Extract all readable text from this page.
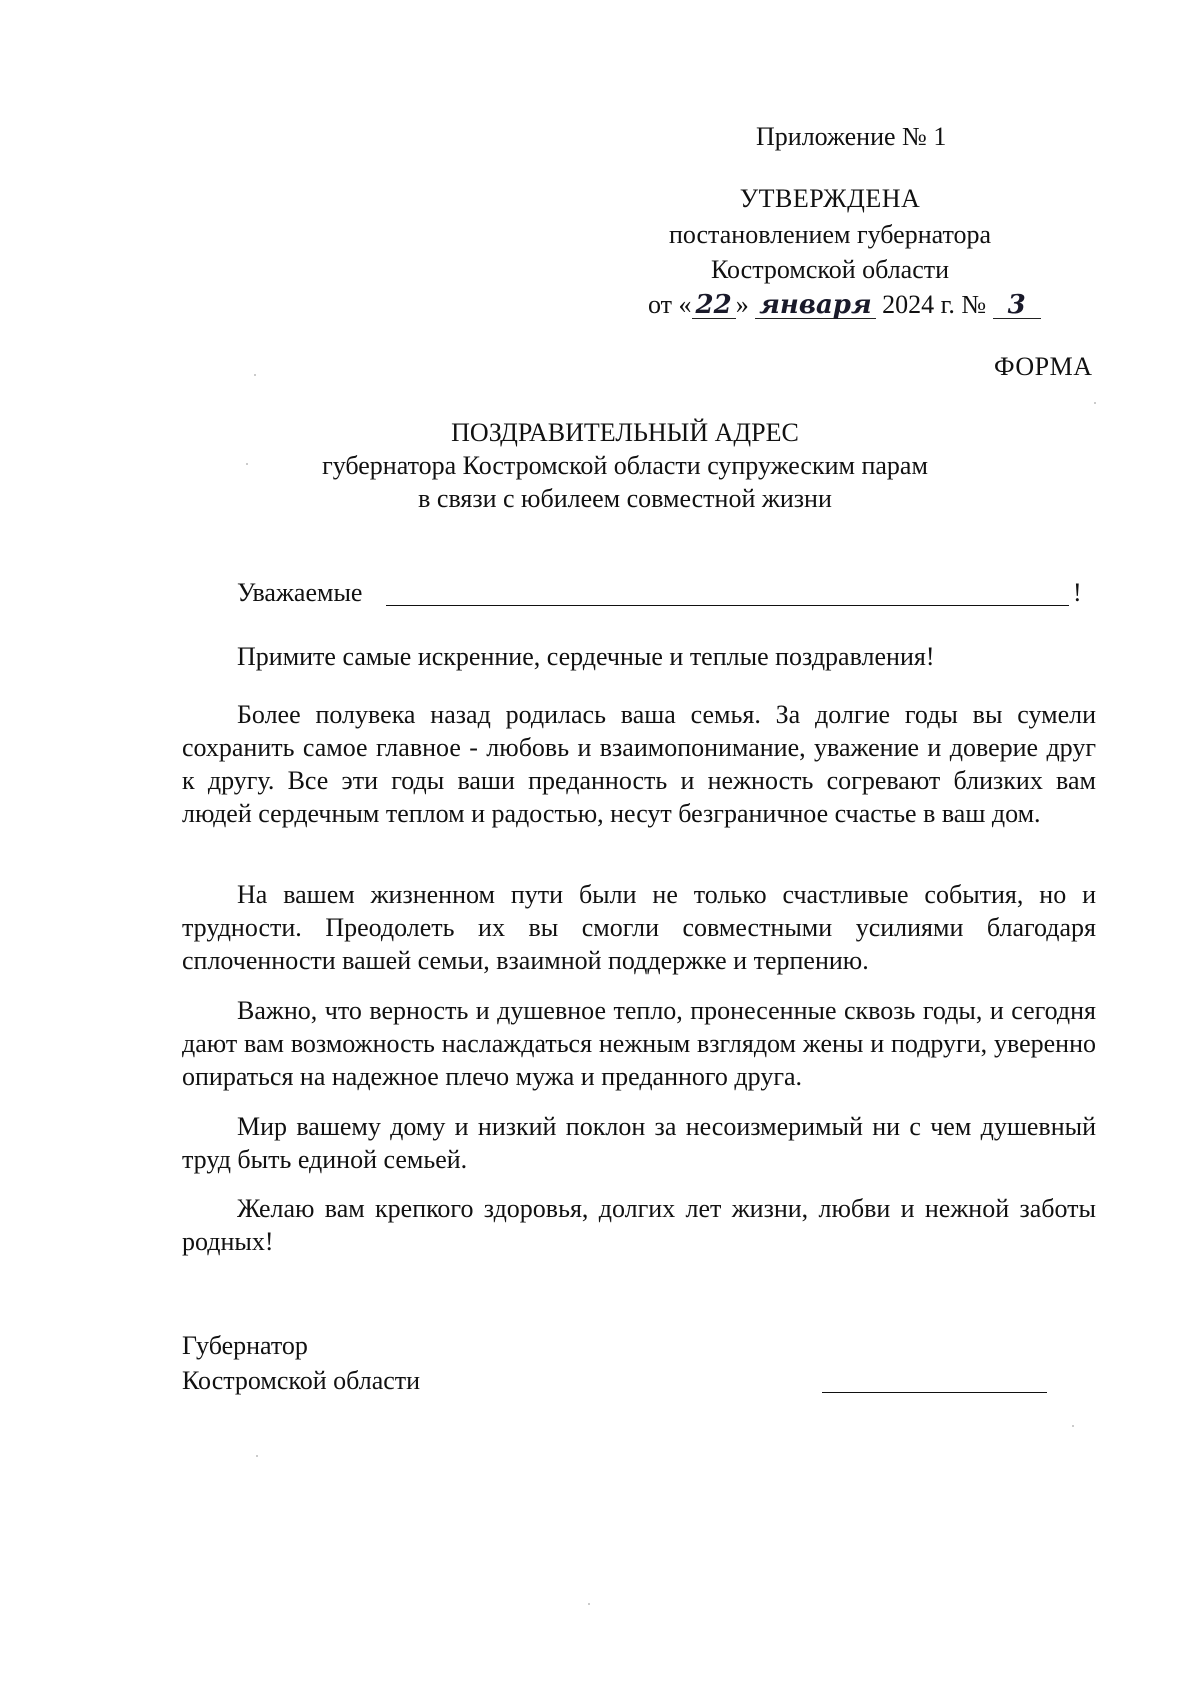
Приложение № 1
УТВЕРЖДЕНА
постановлением губернатора
Костромской области
от « 22 » января 2024 г. № 3
ФОРМА
ПОЗДРАВИТЕЛЬНЫЙ АДРЕС
губернатора Костромской области супружеским парам
в связи с юбилеем совместной жизни
Уважаемые	!

Примите самые искренние, сердечные и теплые поздравления!

Более полувека назад родилась ваша семья. За долгие годы вы сумели сохранить самое главное - любовь и взаимопонимание, уважение и доверие друг к другу. Все эти годы ваши преданность и нежность согревают близких вам людей сердечным теплом и радостью, несут безграничное счастье в ваш дом.

На вашем жизненном пути были не только счастливые события, но и трудности. Преодолеть их вы смогли совместными усилиями благодаря сплоченности вашей семьи, взаимной поддержке и терпению.

Важно, что верность и душевное тепло, пронесенные сквозь годы, и сегодня дают вам возможность наслаждаться нежным взглядом жены и подруги, уверенно опираться на надежное плечо мужа и преданного друга.

Мир вашему дому и низкий поклон за несоизмеримый ни с чем душевный труд быть единой семьей.

Желаю вам крепкого здоровья, долгих лет жизни, любви и нежной заботы родных!

Губернатор
Костромской области
